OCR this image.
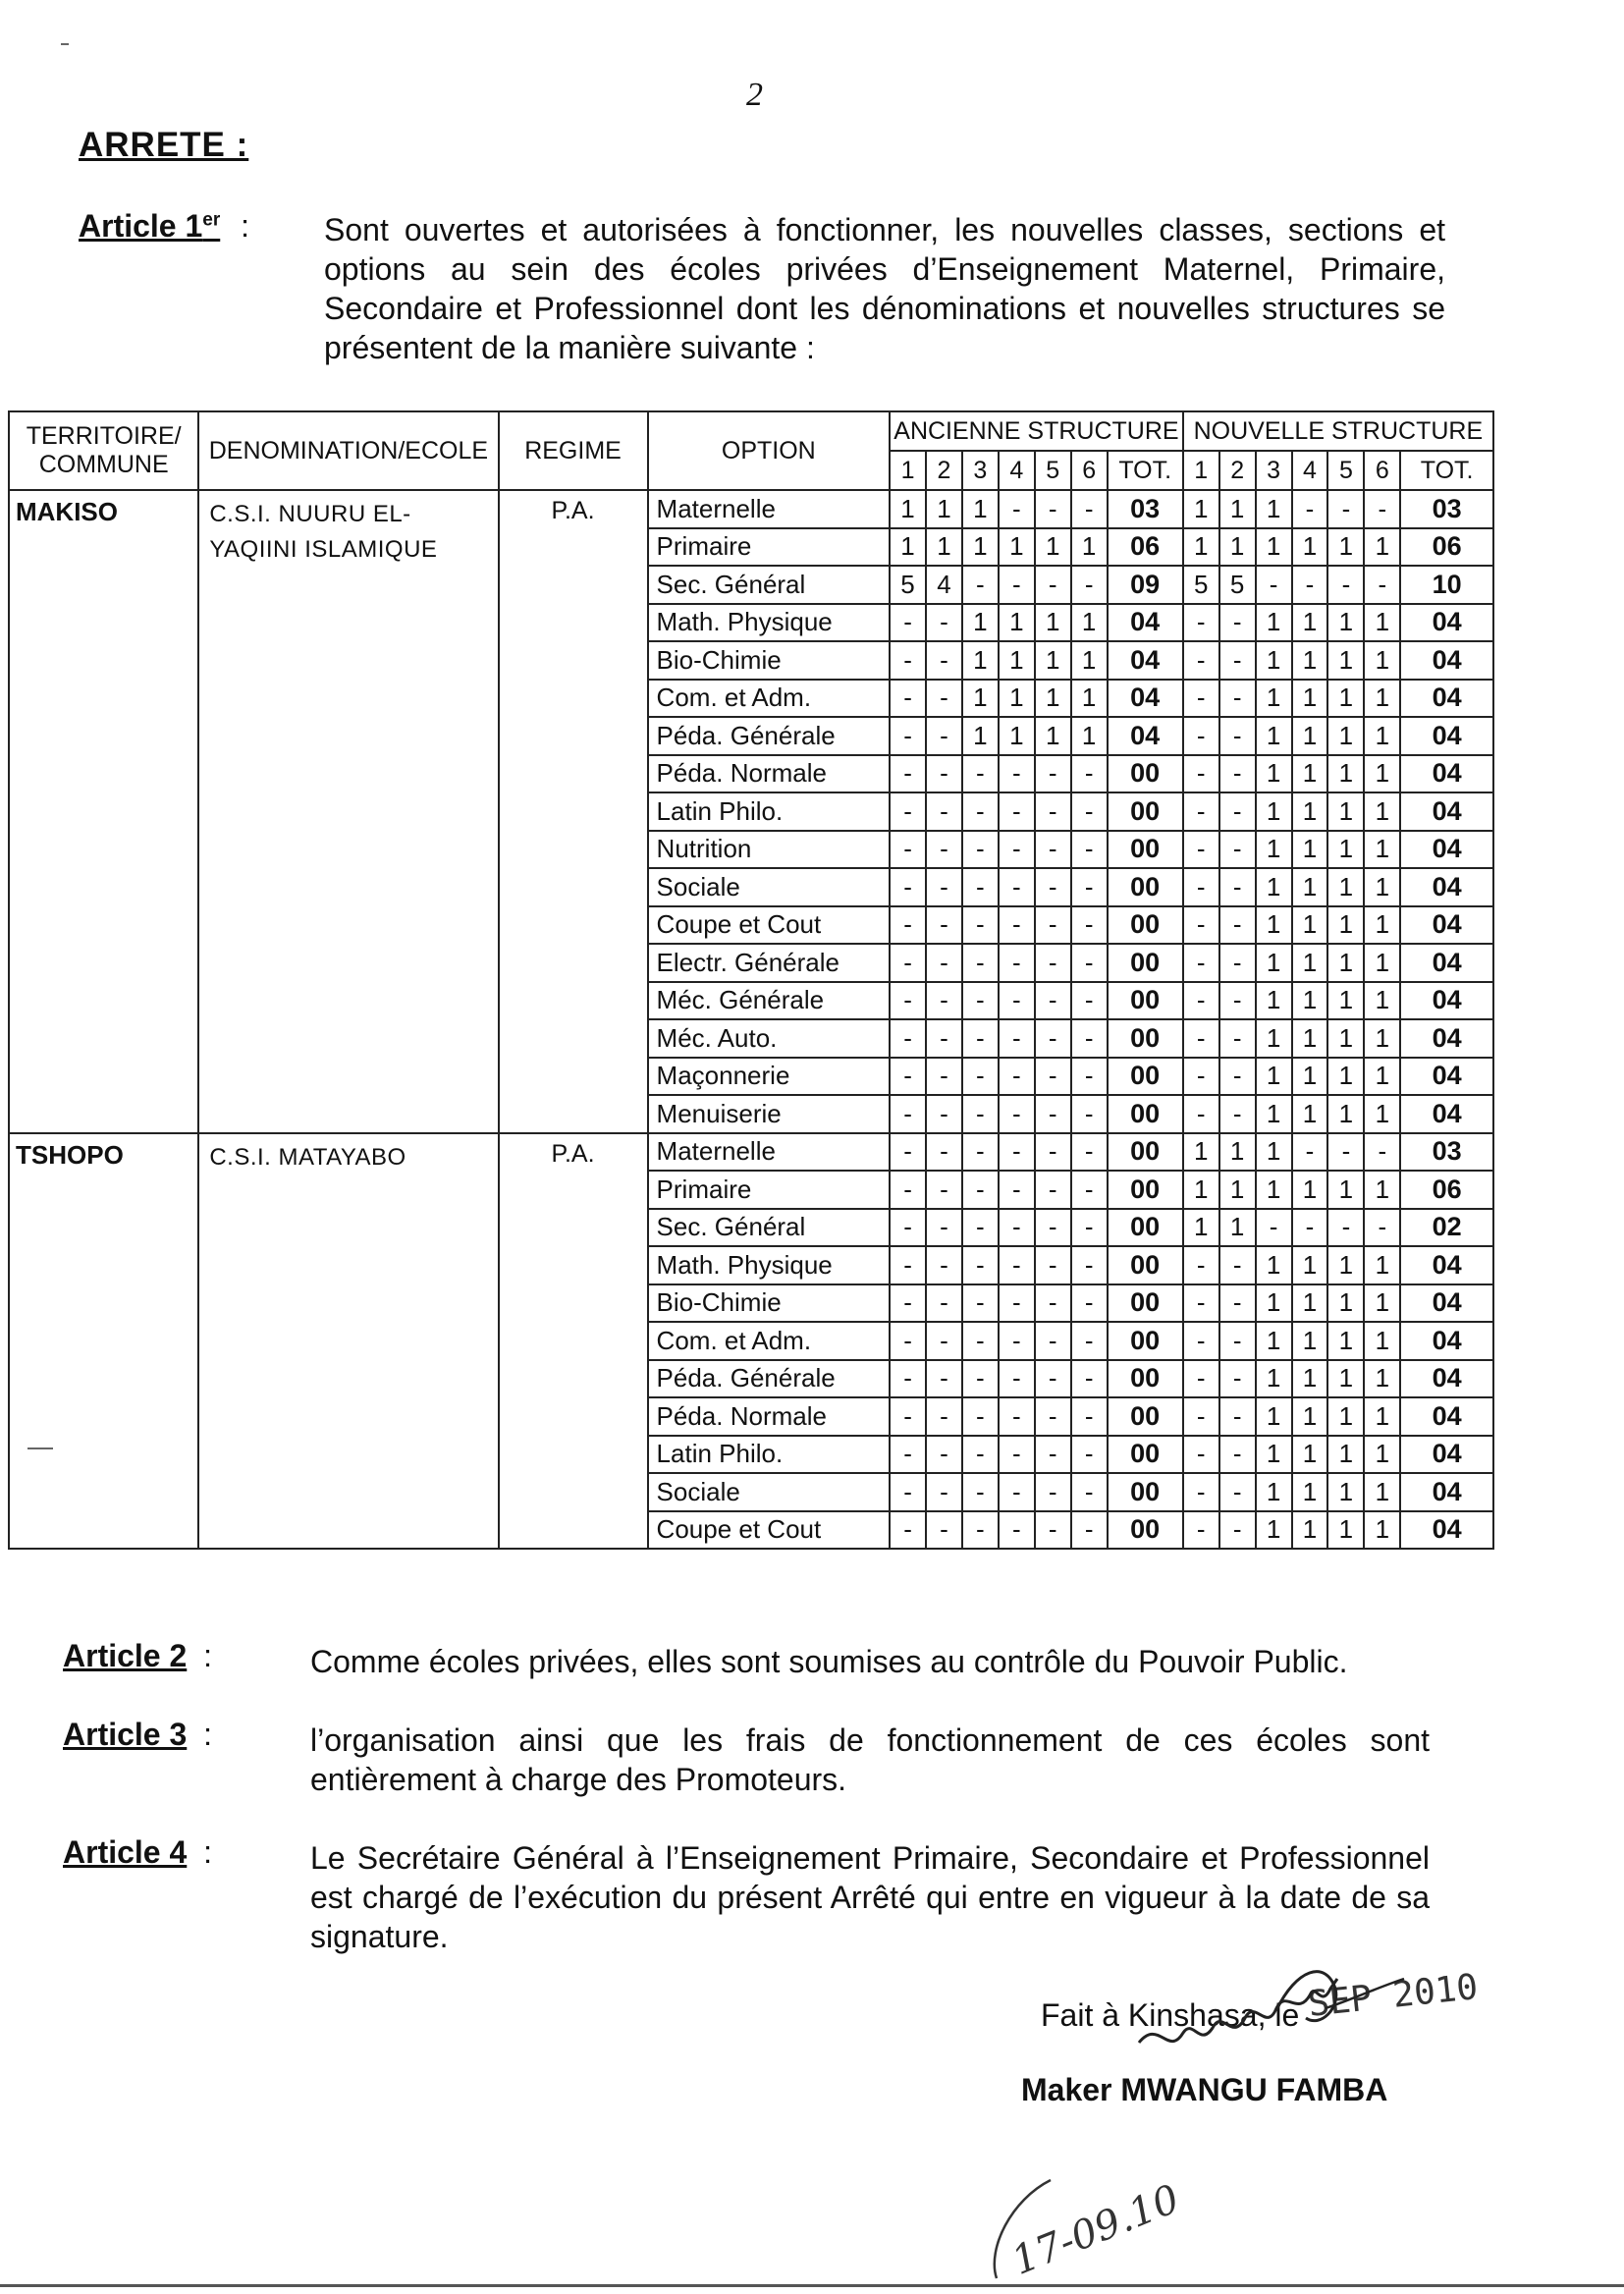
2
ARRETE :
Article 1er : Sont ouvertes et autorisées à fonctionner, les nouvelles classes, sections et options au sein des écoles privées d’Enseignement Maternel, Primaire, Secondaire et Professionnel dont les dénominations et nouvelles structures se présentent de la manière suivante :
TERRITOIRE/ COMMUNE	DENOMINATION/ECOLE	REGIME	OPTION	ANCIENNE STRUCTURE							NOUVELLE STRUCTURE						
				1	2	3	4	5	6	TOT.	1	2	3	4	5	6	TOT.
MAKISO	C.S.I. NUURU EL- YAQIINI ISLAMIQUE	P.A.	Maternelle	1	1	1	-	-	-	03	1	1	1	-	-	-	03
			Primaire	1	1	1	1	1	1	06	1	1	1	1	1	1	06
			Sec. Général	5	4	-	-	-	-	09	5	5	-	-	-	-	10
			Math. Physique	-	-	1	1	1	1	04	-	-	1	1	1	1	04
			Bio-Chimie	-	-	1	1	1	1	04	-	-	1	1	1	1	04
			Com. et Adm.	-	-	1	1	1	1	04	-	-	1	1	1	1	04
			Péda. Générale	-	-	1	1	1	1	04	-	-	1	1	1	1	04
			Péda. Normale	-	-	-	-	-	-	00	-	-	1	1	1	1	04
			Latin Philo.	-	-	-	-	-	-	00	-	-	1	1	1	1	04
			Nutrition	-	-	-	-	-	-	00	-	-	1	1	1	1	04
			Sociale	-	-	-	-	-	-	00	-	-	1	1	1	1	04
			Coupe et Cout	-	-	-	-	-	-	00	-	-	1	1	1	1	04
			Electr. Générale	-	-	-	-	-	-	00	-	-	1	1	1	1	04
			Méc. Générale	-	-	-	-	-	-	00	-	-	1	1	1	1	04
			Méc. Auto.	-	-	-	-	-	-	00	-	-	1	1	1	1	04
			Maçonnerie	-	-	-	-	-	-	00	-	-	1	1	1	1	04
			Menuiserie	-	-	-	-	-	-	00	-	-	1	1	1	1	04
TSHOPO	C.S.I. MATAYABO	P.A.	Maternelle	-	-	-	-	-	-	00	1	1	1	-	-	-	03
			Primaire	-	-	-	-	-	-	00	1	1	1	1	1	1	06
			Sec. Général	-	-	-	-	-	-	00	1	1	-	-	-	-	02
			Math. Physique	-	-	-	-	-	-	00	-	-	1	1	1	1	04
			Bio-Chimie	-	-	-	-	-	-	00	-	-	1	1	1	1	04
			Com. et Adm.	-	-	-	-	-	-	00	-	-	1	1	1	1	04
			Péda. Générale	-	-	-	-	-	-	00	-	-	1	1	1	1	04
			Péda. Normale	-	-	-	-	-	-	00	-	-	1	1	1	1	04
			Latin Philo.	-	-	-	-	-	-	00	-	-	1	1	1	1	04
			Sociale	-	-	-	-	-	-	00	-	-	1	1	1	1	04
			Coupe et Cout	-	-	-	-	-	-	00	-	-	1	1	1	1	04
Article 2 :	Comme écoles privées, elles sont soumises au contrôle du Pouvoir Public.
Article 3 :	l’organisation ainsi que les frais de fonctionnement de ces écoles sont entièrement à charge des Promoteurs.
Article 4 :	Le Secrétaire Général à l’Enseignement Primaire, Secondaire et Professionnel est chargé de l’exécution du présent Arrêté qui entre en vigueur à la date de sa signature.
Fait à Kinshasa, le SEP 2010
Maker MWANGU FAMBA
17-09.10
